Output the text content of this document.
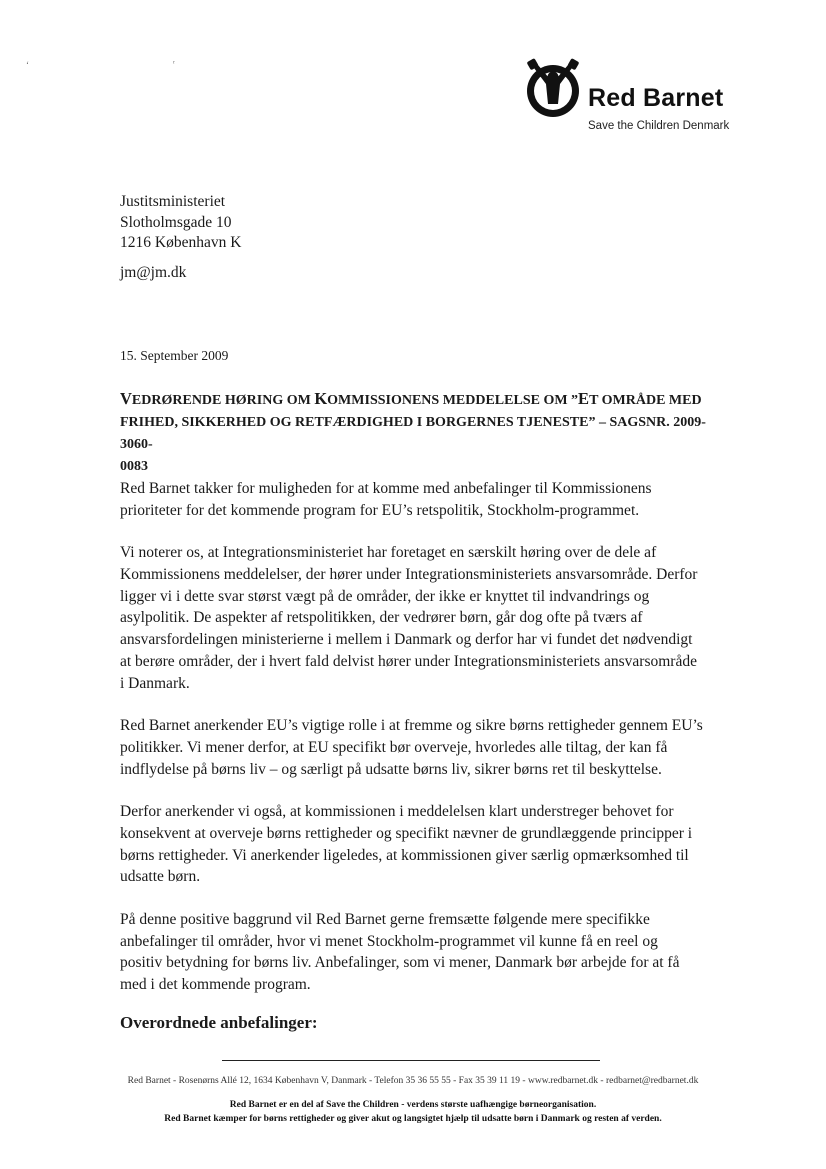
ʻ	ʳ
Red Barnet
Save the Children Denmark
Justitsministeriet
Slotholmsgade 10
1216 København K
jm@jm.dk
15. September 2009
VEDRØRENDE HØRING OM KOMMISSIONENS MEDDELELSE OM ”ET OMRÅDE MED
FRIHED, SIKKERHED OG RETFÆRDIGHED I BORGERNES TJENESTE” – SAGSNR. 2009-3060-
0083
Red Barnet takker for muligheden for at komme med anbefalinger til Kommissionens
prioriteter for det kommende program for EU’s retspolitik, Stockholm-programmet.
Vi noterer os, at Integrationsministeriet har foretaget en særskilt høring over de dele af
Kommissionens meddelelser, der hører under Integrationsministeriets ansvarsområde. Derfor
ligger vi i dette svar størst vægt på de områder, der ikke er knyttet til indvandrings og
asylpolitik. De aspekter af retspolitikken, der vedrører børn, går dog ofte på tværs af
ansvarsfordelingen ministerierne i mellem i Danmark og derfor har vi fundet det nødvendigt
at berøre områder, der i hvert fald delvist hører under Integrationsministeriets ansvarsområde
i Danmark.
Red Barnet anerkender EU’s vigtige rolle i at fremme og sikre børns rettigheder gennem EU’s
politikker. Vi mener derfor, at EU specifikt bør overveje, hvorledes alle tiltag, der kan få
indflydelse på børns liv – og særligt på udsatte børns liv, sikrer børns ret til beskyttelse.
Derfor anerkender vi også, at kommissionen i meddelelsen klart understreger behovet for
konsekvent at overveje børns rettigheder og specifikt nævner de grundlæggende principper i
børns rettigheder. Vi anerkender ligeledes, at kommissionen giver særlig opmærksomhed til
udsatte børn.
På denne positive baggrund vil Red Barnet gerne fremsætte følgende mere specifikke
anbefalinger til områder, hvor vi menet Stockholm-programmet vil kunne få en reel og
positiv betydning for børns liv. Anbefalinger, som vi mener, Danmark bør arbejde for at få
med i det kommende program.
Overordnede anbefalinger:
Red Barnet - Rosenørns Allé 12, 1634 København V, Danmark - Telefon 35 36 55 55 - Fax 35 39 11 19 - www.redbarnet.dk - redbarnet@redbarnet.dk
Red Barnet er en del af Save the Children - verdens største uafhængige børneorganisation.
Red Barnet kæmper for børns rettigheder og giver akut og langsigtet hjælp til udsatte børn i Danmark og resten af verden.
